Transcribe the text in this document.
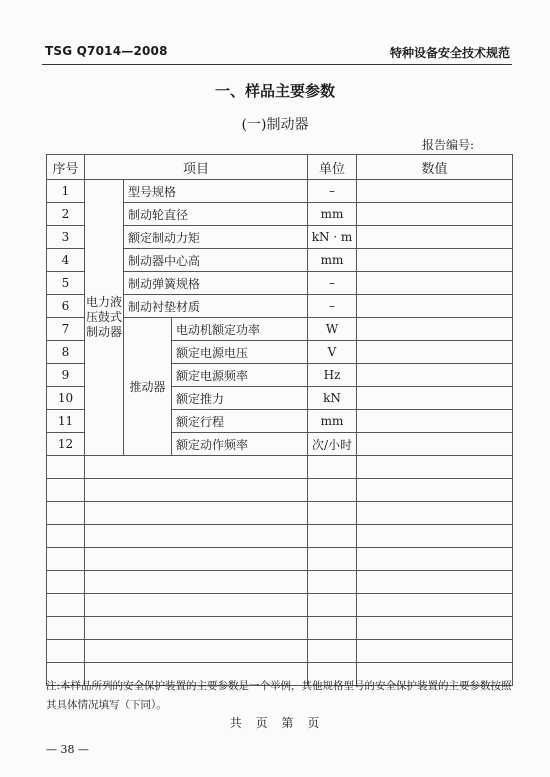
TSG Q7014—2008	特种设备安全技术规范
一、样品主要参数
(一)制动器
报告编号:
序号	项目			单位	数值
1	电力液压鼓式制动器	型号规格		–	
2		制动轮直径		mm	
3		额定制动力矩		kN · m	
4		制动器中心高		mm	
5		制动弹簧规格		–	
6		制动衬垫材质		–	
7		推动器	电动机额定功率	W	
8			额定电源电压	V	
9			额定电源频率	Hz	
10			额定推力	kN	
11			额定行程	mm	
12			额定动作频率	次/小时	

注:本样品所列的安全保护装置的主要参数是一个举例，其他规格型号的安全保护装置的主要参数按照其具体情况填写（下同）。
共 页 第 页
— 38 —
